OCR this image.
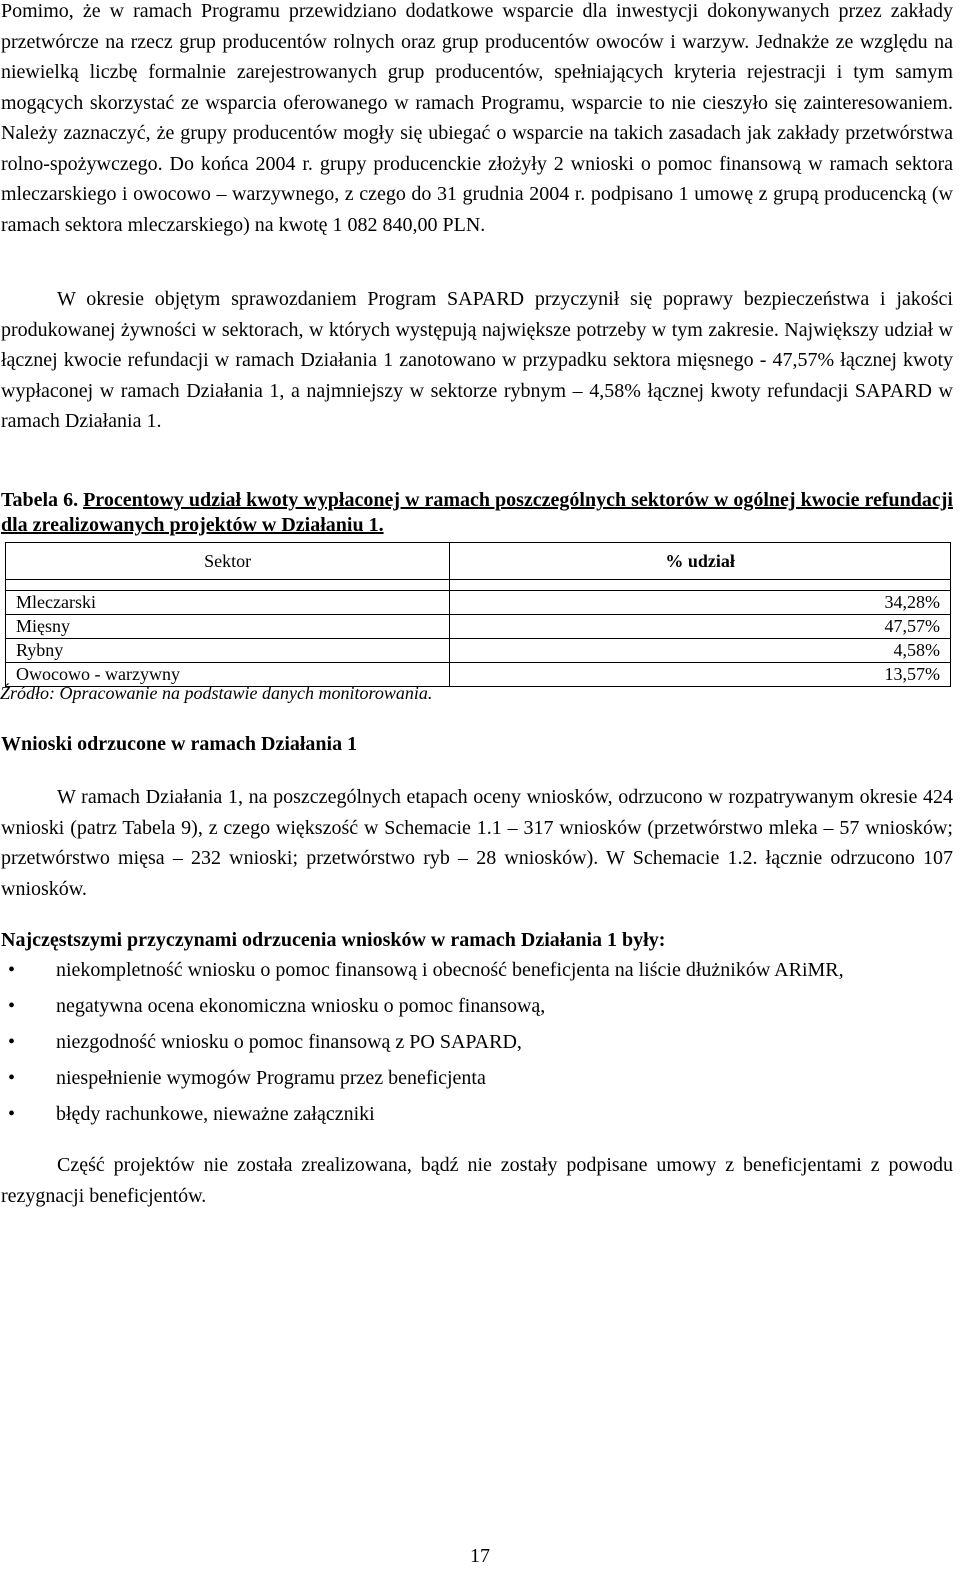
Pomimo, że w ramach Programu przewidziano dodatkowe wsparcie dla inwestycji dokonywanych przez zakłady przetwórcze na rzecz grup producentów rolnych oraz grup producentów owoców i warzyw. Jednakże ze względu na niewielką liczbę formalnie zarejestrowanych grup producentów, spełniających kryteria rejestracji i tym samym mogących skorzystać ze wsparcia oferowanego w ramach Programu, wsparcie to nie cieszyło się zainteresowaniem. Należy zaznaczyć, że grupy producentów mogły się ubiegać o wsparcie na takich zasadach jak zakłady przetwórstwa rolno-spożywczego. Do końca 2004 r. grupy producenckie złożyły 2 wnioski o pomoc finansową w ramach sektora mleczarskiego i owocowo – warzywnego, z czego do 31 grudnia 2004 r. podpisano 1 umowę z grupą producencką (w ramach sektora mleczarskiego) na kwotę 1 082 840,00 PLN.

W okresie objętym sprawozdaniem Program SAPARD przyczynił się poprawy bezpieczeństwa i jakości produkowanej żywności w sektorach, w których występują największe potrzeby w tym zakresie. Największy udział w łącznej kwocie refundacji w ramach Działania 1 zanotowano w przypadku sektora mięsnego - 47,57% łącznej kwoty wypłaconej w ramach Działania 1, a najmniejszy w sektorze rybnym – 4,58% łącznej kwoty refundacji SAPARD w ramach Działania 1.

Tabela 6. Procentowy udział kwoty wypłaconej w ramach poszczególnych sektorów w ogólnej kwocie refundacji dla zrealizowanych projektów w Działaniu 1.

Sektor	% udział

Mleczarski	34,28%
Mięsny	47,57%
Rybny	4,58%
Owocowo - warzywny	13,57%

Źródło: Opracowanie na podstawie danych monitorowania.

Wnioski odrzucone w ramach Działania 1

W ramach Działania 1, na poszczególnych etapach oceny wniosków, odrzucono w rozpatrywanym okresie 424 wnioski (patrz Tabela 9), z czego większość w Schemacie 1.1 – 317 wniosków (przetwórstwo mleka – 57 wniosków; przetwórstwo mięsa – 232 wnioski; przetwórstwo ryb – 28 wniosków). W Schemacie 1.2. łącznie odrzucono 107 wniosków.

Najczęstszymi przyczynami odrzucenia wniosków w ramach Działania 1 były:

• niekompletność wniosku o pomoc finansową i obecność beneficjenta na liście dłużników ARiMR,
• negatywna ocena ekonomiczna wniosku o pomoc finansową,
• niezgodność wniosku o pomoc finansową z PO SAPARD,
• niespełnienie wymogów Programu przez beneficjenta
• błędy rachunkowe, nieważne załączniki

Część projektów nie została zrealizowana, bądź nie zostały podpisane umowy z beneficjentami z powodu rezygnacji beneficjentów.

17
